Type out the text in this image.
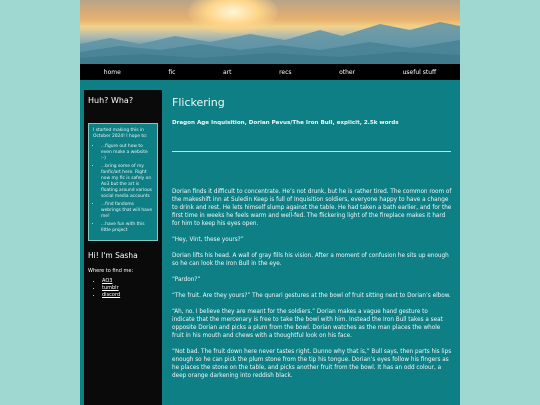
home	fic	art	recs	other	useful stuff
Huh? Wha?

I started making this in October 2024! I hope to:

• ...figure out how to even make a website :-)
• ...bring some of my fanfic/art here. Right now my fic is safely on Ao3 but the art is floating around various social media accounts
• ...find fandoms webrings that will have me!
• ...have fun with this little project
Hi! I'm Sasha
Where to find me:
• AO3
• tumblr
• discord
Flickering
Dragon Age Inquisition, Dorian Pavus/The Iron Bull, explicit, 2.5k words

Dorian finds it difficult to concentrate. He’s not drunk, but he is rather tired. The common room of the makeshift inn at Suledin Keep is full of Inquisition soldiers, everyone happy to have a change to drink and rest. He lets himself slump against the table. He had taken a bath earlier, and for the first time in weeks he feels warm and well-fed. The flickering light of the fireplace makes it hard for him to keep his eyes open.

“Hey, Vint, these yours?”

Dorian lifts his head. A wall of gray fills his vision. After a moment of confusion he sits up enough so he can look the Iron Bull in the eye.

“Pardon?”

“The fruit. Are they yours?” The qunari gestures at the bowl of fruit sitting next to Dorian’s elbow.

“Ah, no. I believe they are meant for the soldiers.” Dorian makes a vague hand gesture to indicate that the mercenary is free to take the bowl with him. Instead the Iron Bull takes a seat opposite Dorian and picks a plum from the bowl. Dorian watches as the man places the whole fruit in his mouth and chews with a thoughtful look on his face.

“Not bad. The fruit down here never tastes right. Dunno why that is,” Bull says, then parts his lips enough so he can pick the plum stone from the tip his tongue. Dorian’s eyes follow his fingers as he places the stone on the table, and picks another fruit from the bowl. It has an odd colour, a deep orange darkening into reddish black.
